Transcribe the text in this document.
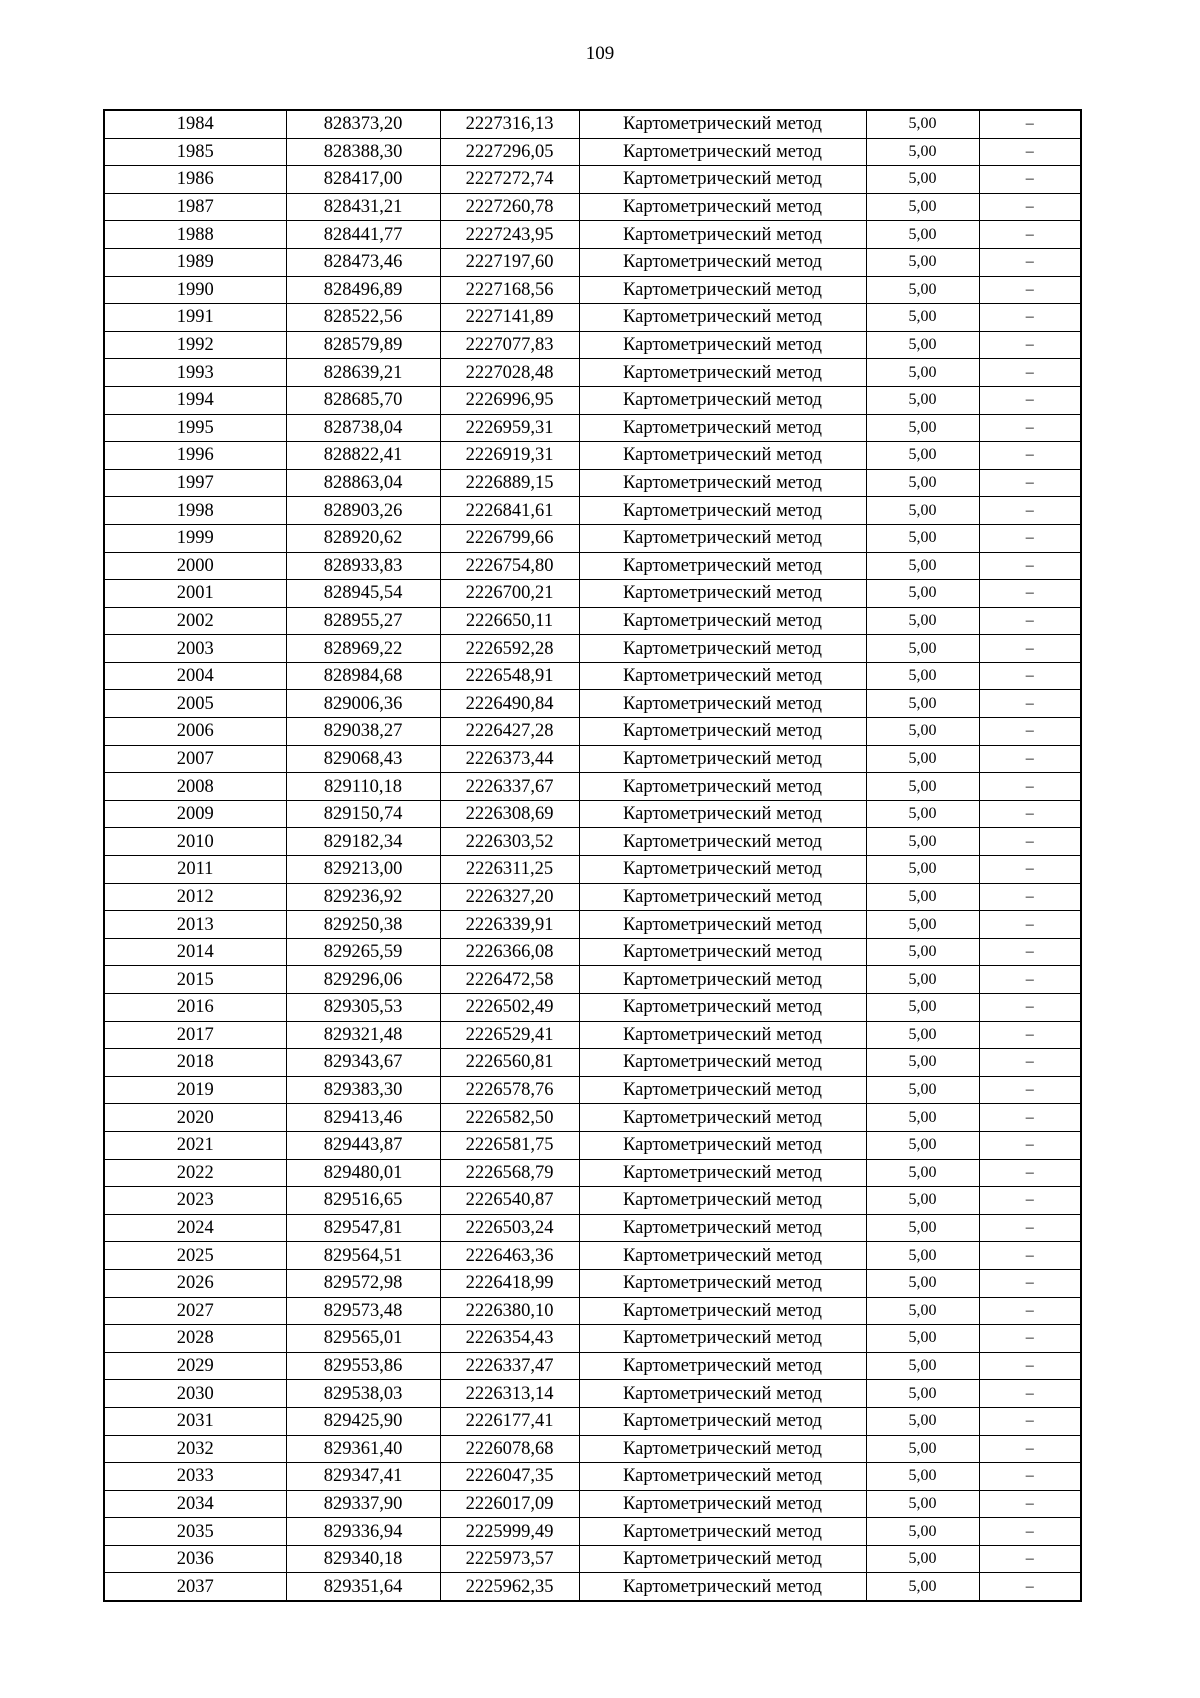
109
1984	828373,20	2227316,13	Картометрический метод	5,00	–
1985	828388,30	2227296,05	Картометрический метод	5,00	–
1986	828417,00	2227272,74	Картометрический метод	5,00	–
1987	828431,21	2227260,78	Картометрический метод	5,00	–
1988	828441,77	2227243,95	Картометрический метод	5,00	–
1989	828473,46	2227197,60	Картометрический метод	5,00	–
1990	828496,89	2227168,56	Картометрический метод	5,00	–
1991	828522,56	2227141,89	Картометрический метод	5,00	–
1992	828579,89	2227077,83	Картометрический метод	5,00	–
1993	828639,21	2227028,48	Картометрический метод	5,00	–
1994	828685,70	2226996,95	Картометрический метод	5,00	–
1995	828738,04	2226959,31	Картометрический метод	5,00	–
1996	828822,41	2226919,31	Картометрический метод	5,00	–
1997	828863,04	2226889,15	Картометрический метод	5,00	–
1998	828903,26	2226841,61	Картометрический метод	5,00	–
1999	828920,62	2226799,66	Картометрический метод	5,00	–
2000	828933,83	2226754,80	Картометрический метод	5,00	–
2001	828945,54	2226700,21	Картометрический метод	5,00	–
2002	828955,27	2226650,11	Картометрический метод	5,00	–
2003	828969,22	2226592,28	Картометрический метод	5,00	–
2004	828984,68	2226548,91	Картометрический метод	5,00	–
2005	829006,36	2226490,84	Картометрический метод	5,00	–
2006	829038,27	2226427,28	Картометрический метод	5,00	–
2007	829068,43	2226373,44	Картометрический метод	5,00	–
2008	829110,18	2226337,67	Картометрический метод	5,00	–
2009	829150,74	2226308,69	Картометрический метод	5,00	–
2010	829182,34	2226303,52	Картометрический метод	5,00	–
2011	829213,00	2226311,25	Картометрический метод	5,00	–
2012	829236,92	2226327,20	Картометрический метод	5,00	–
2013	829250,38	2226339,91	Картометрический метод	5,00	–
2014	829265,59	2226366,08	Картометрический метод	5,00	–
2015	829296,06	2226472,58	Картометрический метод	5,00	–
2016	829305,53	2226502,49	Картометрический метод	5,00	–
2017	829321,48	2226529,41	Картометрический метод	5,00	–
2018	829343,67	2226560,81	Картометрический метод	5,00	–
2019	829383,30	2226578,76	Картометрический метод	5,00	–
2020	829413,46	2226582,50	Картометрический метод	5,00	–
2021	829443,87	2226581,75	Картометрический метод	5,00	–
2022	829480,01	2226568,79	Картометрический метод	5,00	–
2023	829516,65	2226540,87	Картометрический метод	5,00	–
2024	829547,81	2226503,24	Картометрический метод	5,00	–
2025	829564,51	2226463,36	Картометрический метод	5,00	–
2026	829572,98	2226418,99	Картометрический метод	5,00	–
2027	829573,48	2226380,10	Картометрический метод	5,00	–
2028	829565,01	2226354,43	Картометрический метод	5,00	–
2029	829553,86	2226337,47	Картометрический метод	5,00	–
2030	829538,03	2226313,14	Картометрический метод	5,00	–
2031	829425,90	2226177,41	Картометрический метод	5,00	–
2032	829361,40	2226078,68	Картометрический метод	5,00	–
2033	829347,41	2226047,35	Картометрический метод	5,00	–
2034	829337,90	2226017,09	Картометрический метод	5,00	–
2035	829336,94	2225999,49	Картометрический метод	5,00	–
2036	829340,18	2225973,57	Картометрический метод	5,00	–
2037	829351,64	2225962,35	Картометрический метод	5,00	–
